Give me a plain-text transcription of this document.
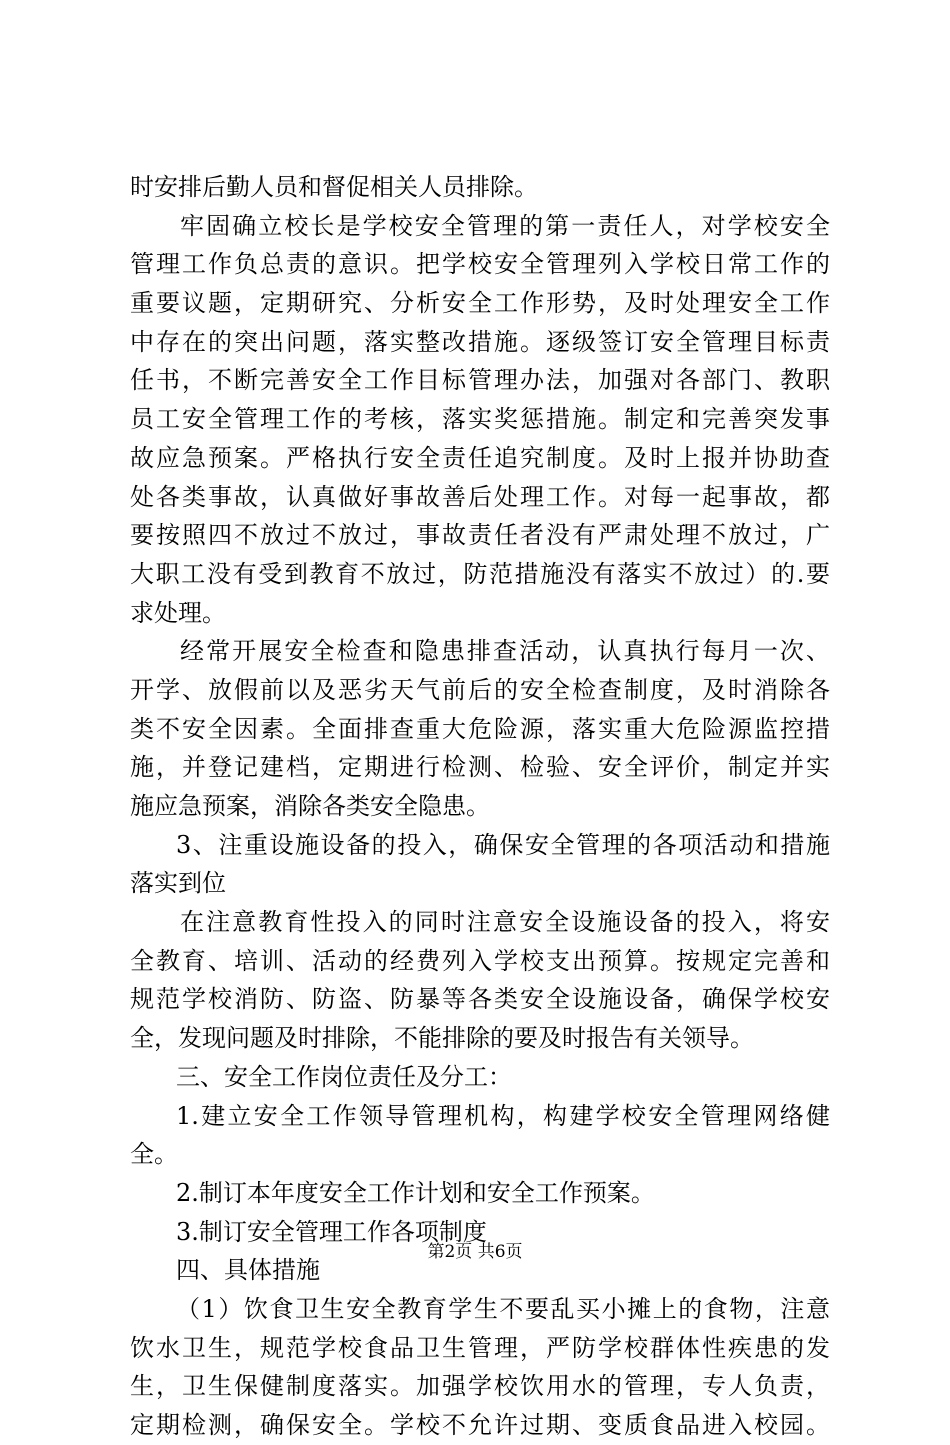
时安排后勤人员和督促相关人员排除。
牢固确立校长是学校安全管理的第一责任人，对学校安全
管理工作负总责的意识。把学校安全管理列入学校日常工作的
重要议题，定期研究、分析安全工作形势，及时处理安全工作
中存在的突出问题，落实整改措施。逐级签订安全管理目标责
任书，不断完善安全工作目标管理办法，加强对各部门、教职
员工安全管理工作的考核，落实奖惩措施。制定和完善突发事
故应急预案。严格执行安全责任追究制度。及时上报并协助查
处各类事故，认真做好事故善后处理工作。对每一起事故，都
要按照四不放过不放过，事故责任者没有严肃处理不放过，广
大职工没有受到教育不放过，防范措施没有落实不放过）的.要
求处理。
经常开展安全检查和隐患排查活动，认真执行每月一次、
开学、放假前以及恶劣天气前后的安全检查制度，及时消除各
类不安全因素。全面排查重大危险源，落实重大危险源监控措
施，并登记建档，定期进行检测、检验、安全评价，制定并实
施应急预案，消除各类安全隐患。
3、注重设施设备的投入，确保安全管理的各项活动和措施
落实到位
在注意教育性投入的同时注意安全设施设备的投入，将安
全教育、培训、活动的经费列入学校支出预算。按规定完善和
规范学校消防、防盗、防暴等各类安全设施设备，确保学校安
全，发现问题及时排除，不能排除的要及时报告有关领导。
三、安全工作岗位责任及分工：
1.建立安全工作领导管理机构，构建学校安全管理网络健
全。
2.制订本年度安全工作计划和安全工作预案。
3.制订安全管理工作各项制度
四、具体措施
（1）饮食卫生安全教育学生不要乱买小摊上的食物，注意
饮水卫生，规范学校食品卫生管理，严防学校群体性疾患的发
生，卫生保健制度落实。加强学校饮用水的管理，专人负责，
定期检测，确保安全。学校不允许过期、变质食品进入校园。
第2页 共6页
